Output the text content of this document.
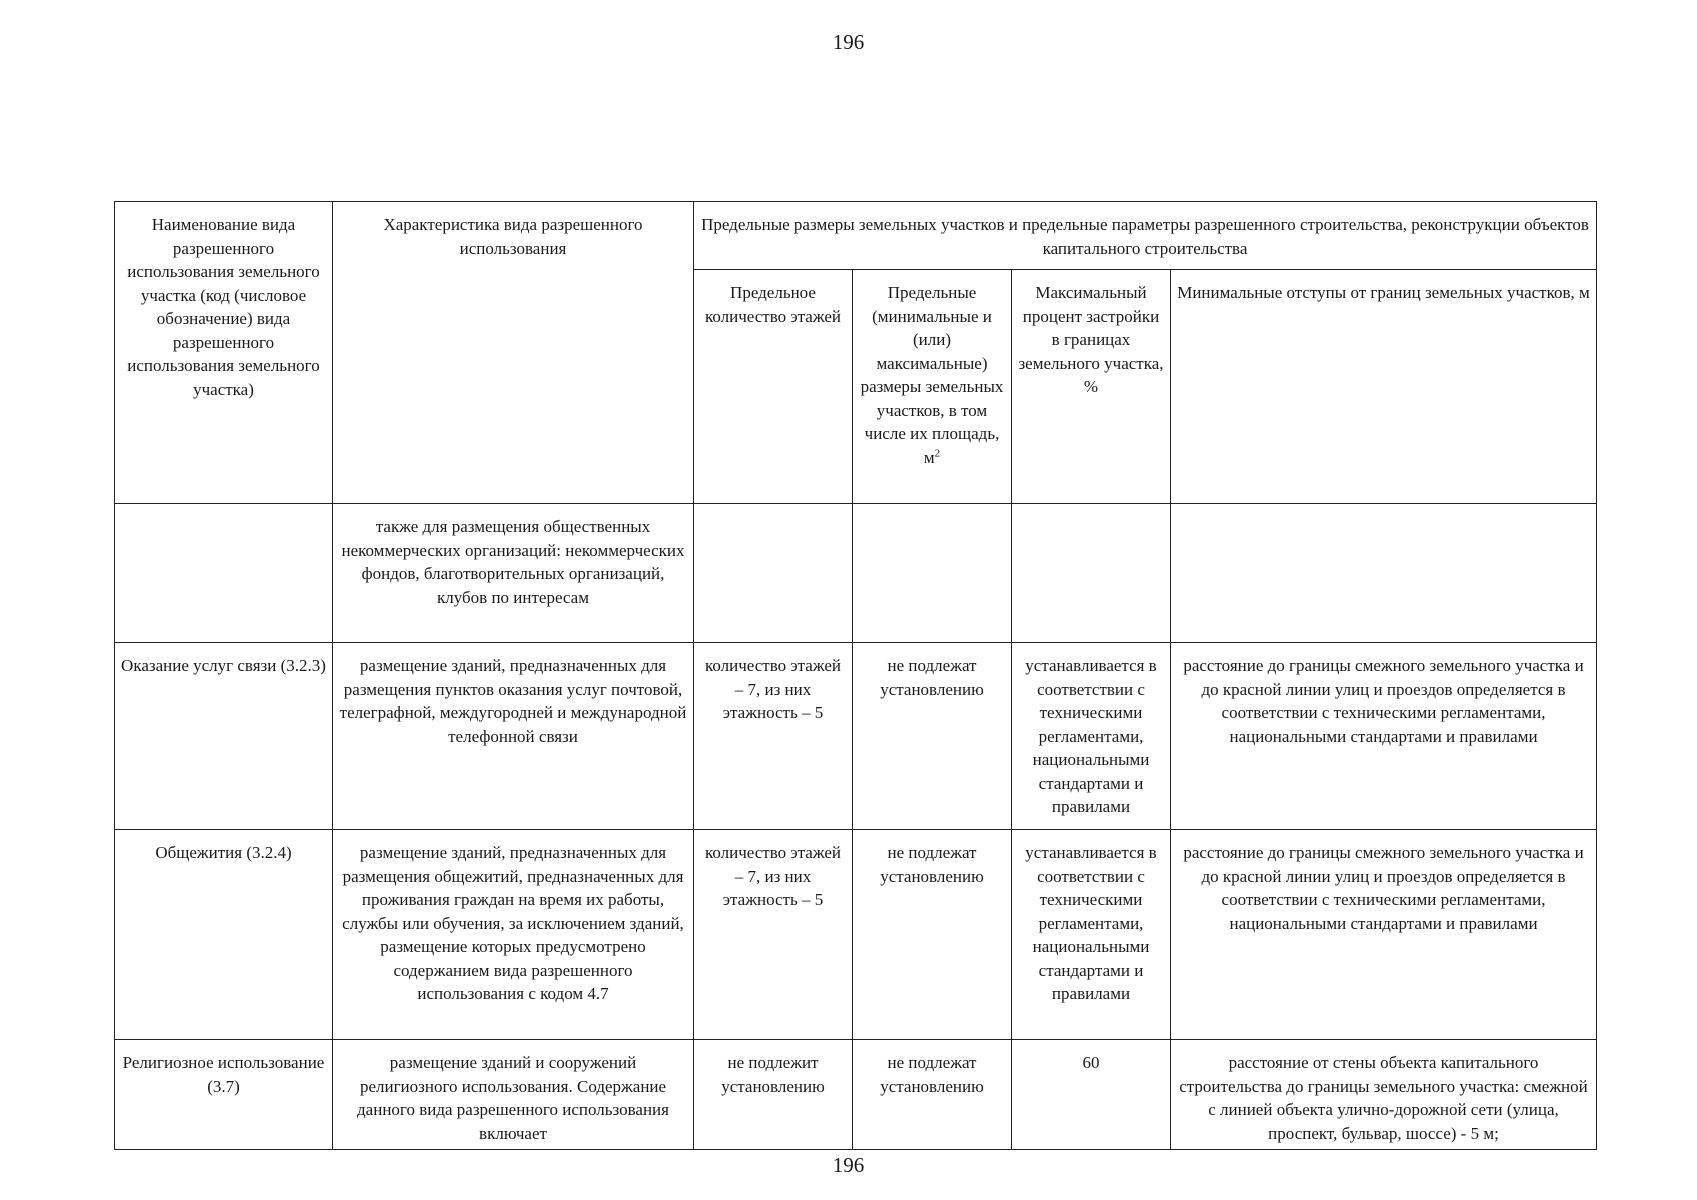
196
Наименование вида разрешенного использования земельного участка (код (числовое обозначение) вида разрешенного использования земельного участка)	Характеристика вида разрешенного использования	Предельные размеры земельных участков и предельные параметры разрешенного строительства, реконструкции объектов капитального строительства			
		Предельное количество этажей	Предельные (минимальные и (или) максимальные) размеры земельных участков, в том числе их площадь, $м^2$	Максимальный процент застройки в границах земельного участка, %	Минимальные отступы от границ земельных участков, м
	также для размещения общественных некоммерческих организаций: некоммерческих фондов, благотворительных организаций, клубов по интересам				
Оказание услуг связи (3.2.3)	размещение зданий, предназначенных для размещения пунктов оказания услуг почтовой, телеграфной, междугородней и международной телефонной связи	количество этажей – 7, из них этажность – 5	не подлежат установлению	устанавливается в соответствии с техническими регламентами, национальными стандартами и правилами	расстояние до границы смежного земельного участка и до красной линии улиц и проездов определяется в соответствии с техническими регламентами, национальными стандартами и правилами
Общежития (3.2.4)	размещение зданий, предназначенных для размещения общежитий, предназначенных для проживания граждан на время их работы, службы или обучения, за исключением зданий, размещение которых предусмотрено содержанием вида разрешенного использования с кодом 4.7	количество этажей – 7, из них этажность – 5	не подлежат установлению	устанавливается в соответствии с техническими регламентами, национальными стандартами и правилами	расстояние до границы смежного земельного участка и до красной линии улиц и проездов определяется в соответствии с техническими регламентами, национальными стандартами и правилами
Религиозное использование (3.7)	размещение зданий и сооружений религиозного использования. Содержание данного вида разрешенного использования включает	не подлежит установлению	не подлежат установлению	60	расстояние от стены объекта капитального строительства до границы земельного участка: смежной с линией объекта улично-дорожной сети (улица, проспект, бульвар, шоссе) - 5 м;
196
